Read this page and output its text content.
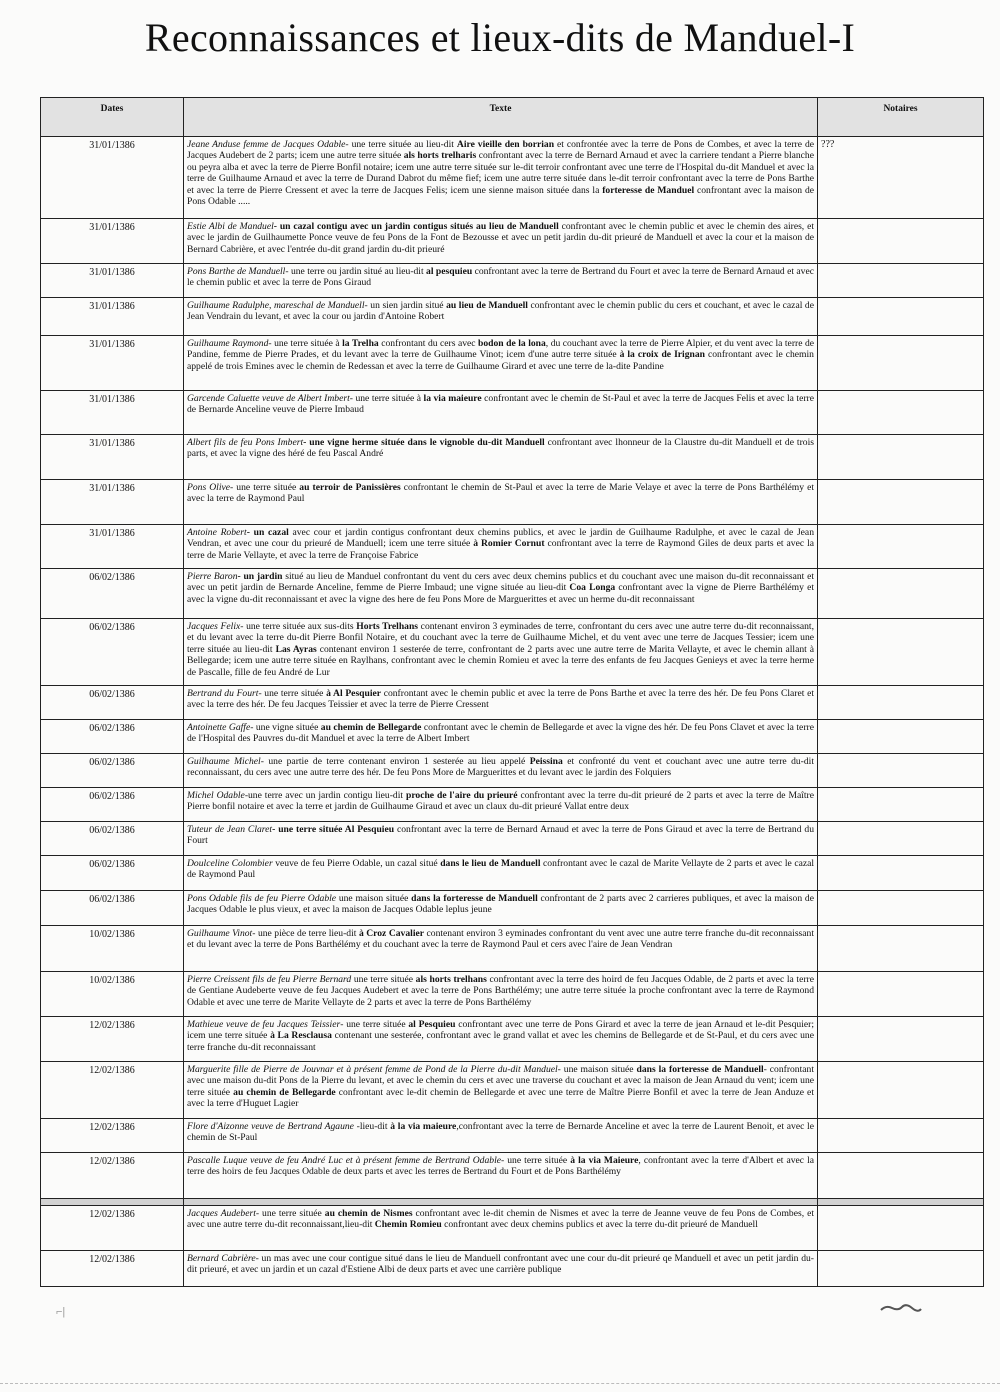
Reconnaissances et lieux-dits de Manduel-I
Dates	Texte	Notaires
31/01/1386	Jeane Anduse femme de Jacques Odable- une terre située au lieu-dit Aire vieille den borrian et confrontée avec la terre de Pons de Combes, et avec la terre de Jacques Audebert de 2 parts; icem une autre terre située als horts trelharis confrontant avec la terre de Bernard Arnaud et avec la carriere tendant a Pierre blanche ou peyra alba et avec la terre de Pierre Bonfil notaire; icem une autre terre située sur le-dit terroir confrontant avec une terre de l'Hospital du-dit Manduel et avec la terre de Guilhaume Arnaud et avec la terre de Durand Dabrot du même fief; icem une autre terre située dans le-dit terroir confrontant avec la terre de Pons Barthe et avec la terre de Pierre Cressent et avec la terre de Jacques Felis; icem une sienne maison située dans la forteresse de Manduel confrontant avec la maison de Pons Odable .....	???
31/01/1386	Estie Albi de Manduel- un cazal contigu avec un jardin contigus situés au lieu de Manduell confrontant avec le chemin public et avec le chemin des aires, et avec le jardin de Guilhaumette Ponce veuve de feu Pons de la Font de Bezousse et avec un petit jardin du-dit prieuré de Manduell et avec la cour et la maison de Bernard Cabrière, et avec l'entrée du-dit grand jardin du-dit prieuré	
31/01/1386	Pons Barthe de Manduell- une terre ou jardin situé au lieu-dit al pesquieu confrontant avec la terre de Bertrand du Fourt et avec la terre de Bernard Arnaud et avec le chemin public et avec la terre de Pons Giraud	
31/01/1386	Guilhaume Radulphe, mareschal de Manduell- un sien jardin situé au lieu de Manduell confrontant avec le chemin public du cers et couchant, et avec le cazal de Jean Vendrain du levant, et avec la cour ou jardin d'Antoine Robert	
31/01/1386	Guilhaume Raymond- une terre située à la Trelha confrontant du cers avec bodon de la lona, du couchant avec la terre de Pierre Alpier, et du vent avec la terre de Pandine, femme de Pierre Prades, et du levant avec la terre de Guilhaume Vinot; icem d'une autre terre située à la croix de Irignan confrontant avec le chemin appelé de trois Emines avec le chemin de Redessan et avec la terre de Guilhaume Girard et avec une terre de la-dite Pandine	
31/01/1386	Garcende Caluette veuve de Albert Imbert- une terre située à la via maieure confrontant avec le chemin de St-Paul et avec la terre de Jacques Felis et avec la terre de Bernarde Anceline veuve de Pierre Imbaud	
31/01/1386	Albert fils de feu Pons Imbert- une vigne herme située dans le vignoble du-dit Manduell confrontant avec lhonneur de la Claustre du-dit Manduell et de trois parts, et avec la vigne des héré de feu Pascal André	
31/01/1386	Pons Olive- une terre située au terroir de Panissières confrontant le chemin de St-Paul et avec la terre de Marie Velaye et avec la terre de Pons Barthélémy et avec la terre de Raymond Paul	
31/01/1386	Antoine Robert- un cazal avec cour et jardin contigus confrontant deux chemins publics, et avec le jardin de Guilhaume Radulphe, et avec le cazal de Jean Vendran, et avec une cour du prieuré de Manduell; icem une terre située à Romier Cornut confrontant avec la terre de Raymond Giles de deux parts et avec la terre de Marie Vellayte, et avec la terre de Françoise Fabrice	
06/02/1386	Pierre Baron- un jardin situé au lieu de Manduel confrontant du vent du cers avec deux chemins publics et du couchant avec une maison du-dit reconnaissant et avec un petit jardin de Bernarde Anceline, femme de Pierre Imbaud; une vigne située au lieu-dit Coa Longa confrontant avec la vigne de Pierre Barthélémy et avec la vigne du-dit reconnaissant et avec la vigne des here de feu Pons More de Marguerittes et avec un herme du-dit reconnaissant	
06/02/1386	Jacques Felix- une terre située aux sus-dits Horts Trelhans contenant environ 3 eyminades de terre, confrontant du cers avec une autre terre du-dit reconnaissant, et du levant avec la terre du-dit Pierre Bonfil Notaire, et du couchant avec la terre de Guilhaume Michel, et du vent avec une terre de Jacques Tessier; icem une terre située au lieu-dit Las Ayras contenant environ 1 sesterée de terre, confrontant de 2 parts avec une autre terre de Marita Vellayte, et avec le chemin allant à Bellegarde; icem une autre terre située en Raylhans, confrontant avec le chemin Romieu et avec la terre des enfants de feu Jacques Genieys et avec la terre herme de Pascalle, fille de feu André de Lur	
06/02/1386	Bertrand du Fourt- une terre située à Al Pesquier confrontant avec le chemin public et avec la terre de Pons Barthe et avec la terre des hér. De feu Pons Claret et avec la terre des hér. De feu Jacques Teissier et avec la terre de Pierre Cressent	
06/02/1386	Antoinette Gaffe- une vigne située au chemin de Bellegarde confrontant avec le chemin de Bellegarde et avec la vigne des hér. De feu Pons Clavet et avec la terre de l'Hospital des Pauvres du-dit Manduel et avec la terre de Albert Imbert	
06/02/1386	Guilhaume Michel- une partie de terre contenant environ 1 sesterée au lieu appelé Peissina et confronté du vent et couchant avec une autre terre du-dit reconnaissant, du cers avec une autre terre des hér. De feu Pons More de Marguerittes et du levant avec le jardin des Folquiers	
06/02/1386	Michel Odable-une terre avec un jardin contigu lieu-dit proche de l'aire du prieuré confrontant avec la terre du-dit prieuré de 2 parts et avec la terre de Maître Pierre bonfil notaire et avec la terre et jardin de Guilhaume Giraud et avec un claux du-dit prieuré Vallat entre deux	
06/02/1386	Tuteur de Jean Claret- une terre située Al Pesquieu confrontant avec la terre de Bernard Arnaud et avec la terre de Pons Giraud et avec la terre de Bertrand du Fourt	
06/02/1386	Doulceline Colombier veuve de feu Pierre Odable, un cazal situé dans le lieu de Manduell confrontant avec le cazal de Marite Vellayte de 2 parts et avec le cazal de Raymond Paul	
06/02/1386	Pons Odable fils de feu Pierre Odable une maison située dans la forteresse de Manduell confrontant de 2 parts avec 2 carrieres publiques, et avec la maison de Jacques Odable le plus vieux, et avec la maison de Jacques Odable leplus jeune	
10/02/1386	Guilhaume Vinot- une pièce de terre lieu-dit à Croz Cavalier contenant environ 3 eyminades confrontant du vent avec une autre terre franche du-dit reconnaissant et du levant avec la terre de Pons Barthélémy et du couchant avec la terre de Raymond Paul et cers avec l'aire de Jean Vendran	
10/02/1386	Pierre Creissent fils de feu Pierre Bernard une terre située als horts trelhans confrontant avec la terre des hoird de feu Jacques Odable, de 2 parts et avec la terre de Gentiane Audeberte veuve de feu Jacques Audebert et avec la terre de Pons Barthélémy; une autre terre située la proche confrontant avec la terre de Raymond Odable et avec une terre de Marite Vellayte de 2 parts et avec la terre de Pons Barthélémy	
12/02/1386	Mathieue veuve de feu Jacques Teissier- une terre située al Pesquieu confrontant avec une terre de Pons Girard et avec la terre de jean Arnaud et le-dit Pesquier; icem une terre située à La Resclausa contenant une sesterée, confrontant avec le grand vallat et avec les chemins de Bellegarde et de St-Paul, et du cers avec une terre franche du-dit reconnaissant	
12/02/1386	Marguerite fille de Pierre de Jouvnar et à présent femme de Pond de la Pierre du-dit Manduel- une maison située dans la forteresse de Manduell- confrontant avec une maison du-dit Pons de la Pierre du levant, et avec le chemin du cers et avec une traverse du couchant et avec la maison de Jean Arnaud du vent; icem une terre située au chemin de Bellegarde confrontant avec le-dit chemin de Bellegarde et avec une terre de Maître Pierre Bonfil et avec la terre de Jean Anduze et avec la terre d'Huguet Lagier	
12/02/1386	Flore d'Aizonne veuve de Bertrand Agaune -lieu-dit à la via maieure,confrontant avec la terre de Bernarde Anceline et avec la terre de Laurent Benoit, et avec le chemin de St-Paul	
12/02/1386	Pascalle Luque veuve de feu André Luc et à présent femme de Bertrand Odable- une terre située à la via Maieure, confrontant avec la terre d'Albert et avec la terre des hoirs de feu Jacques Odable de deux parts et avec les terres de Bertrand du Fourt et de Pons Barthélémy	

12/02/1386	Jacques Audebert- une terre située au chemin de Nismes confrontant avec le-dit chemin de Nismes et avec la terre de Jeanne veuve de feu Pons de Combes, et avec une autre terre du-dit reconnaissant,lieu-dit Chemin Romieu confrontant avec deux chemins publics et avec la terre du-dit prieuré de Manduell	
12/02/1386	Bernard Cabrière- un mas avec une cour contigue situé dans le lieu de Manduell confrontant avec une cour du-dit prieuré qe Manduell et avec un petit jardin du-dit prieuré, et avec un jardin et un cazal d'Estiene Albi de deux parts et avec une carrière publique	
⌐|
